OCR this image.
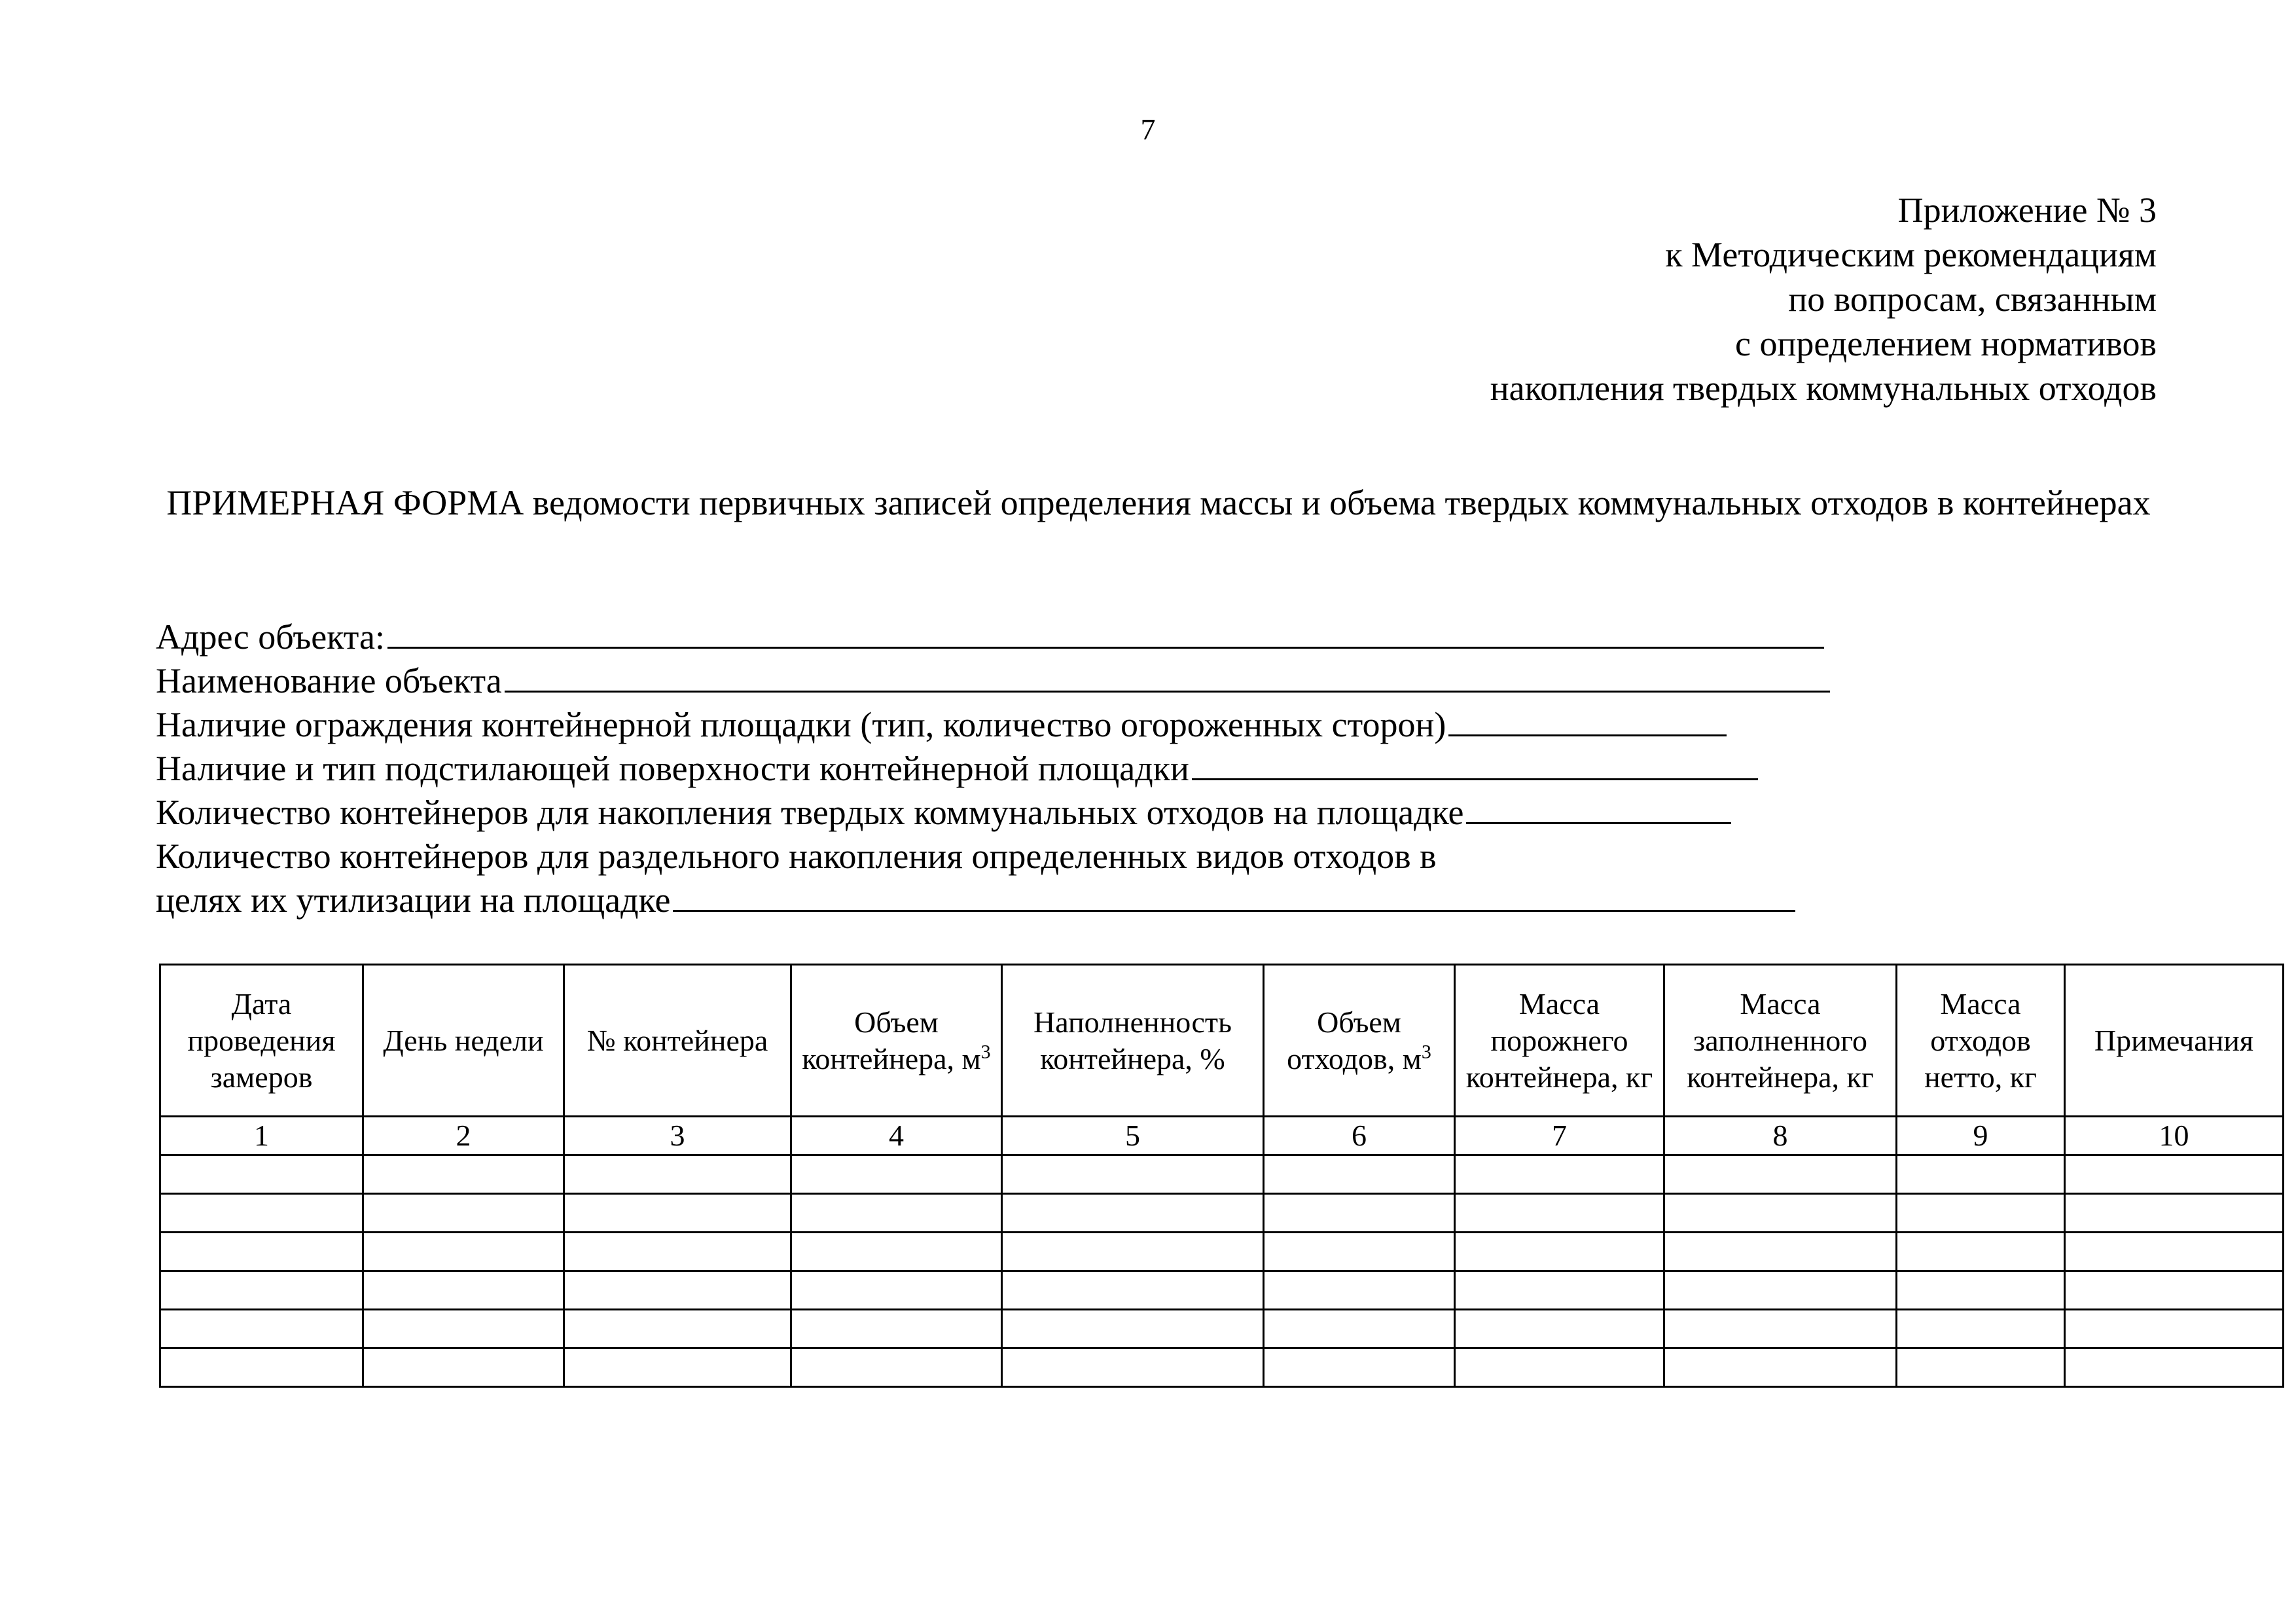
7
Приложение № 3
к Методическим рекомендациям
по вопросам, связанным
с определением нормативов
накопления твердых коммунальных отходов
ПРИМЕРНАЯ ФОРМА ведомости первичных записей определения массы и объема твердых коммунальных отходов в контейнерах
Адрес объекта:
Наименование объекта
Наличие ограждения контейнерной площадки (тип, количество огороженных сторон)
Наличие и тип подстилающей поверхности контейнерной площадки
Количество контейнеров для накопления твердых коммунальных отходов на площадке
Количество контейнеров для раздельного накопления определенных видов отходов в
целях их утилизации на площадке
Дата проведения замеров	День недели	№ контейнера	Объем контейнера, $м^3$	Наполненность контейнера, %	Объем отходов, $м^3$	Масса порожнего контейнера, кг	Масса заполненного контейнера, кг	Масса отходов нетто, кг	Примечания
1	2	3	4	5	6	7	8	9	10
